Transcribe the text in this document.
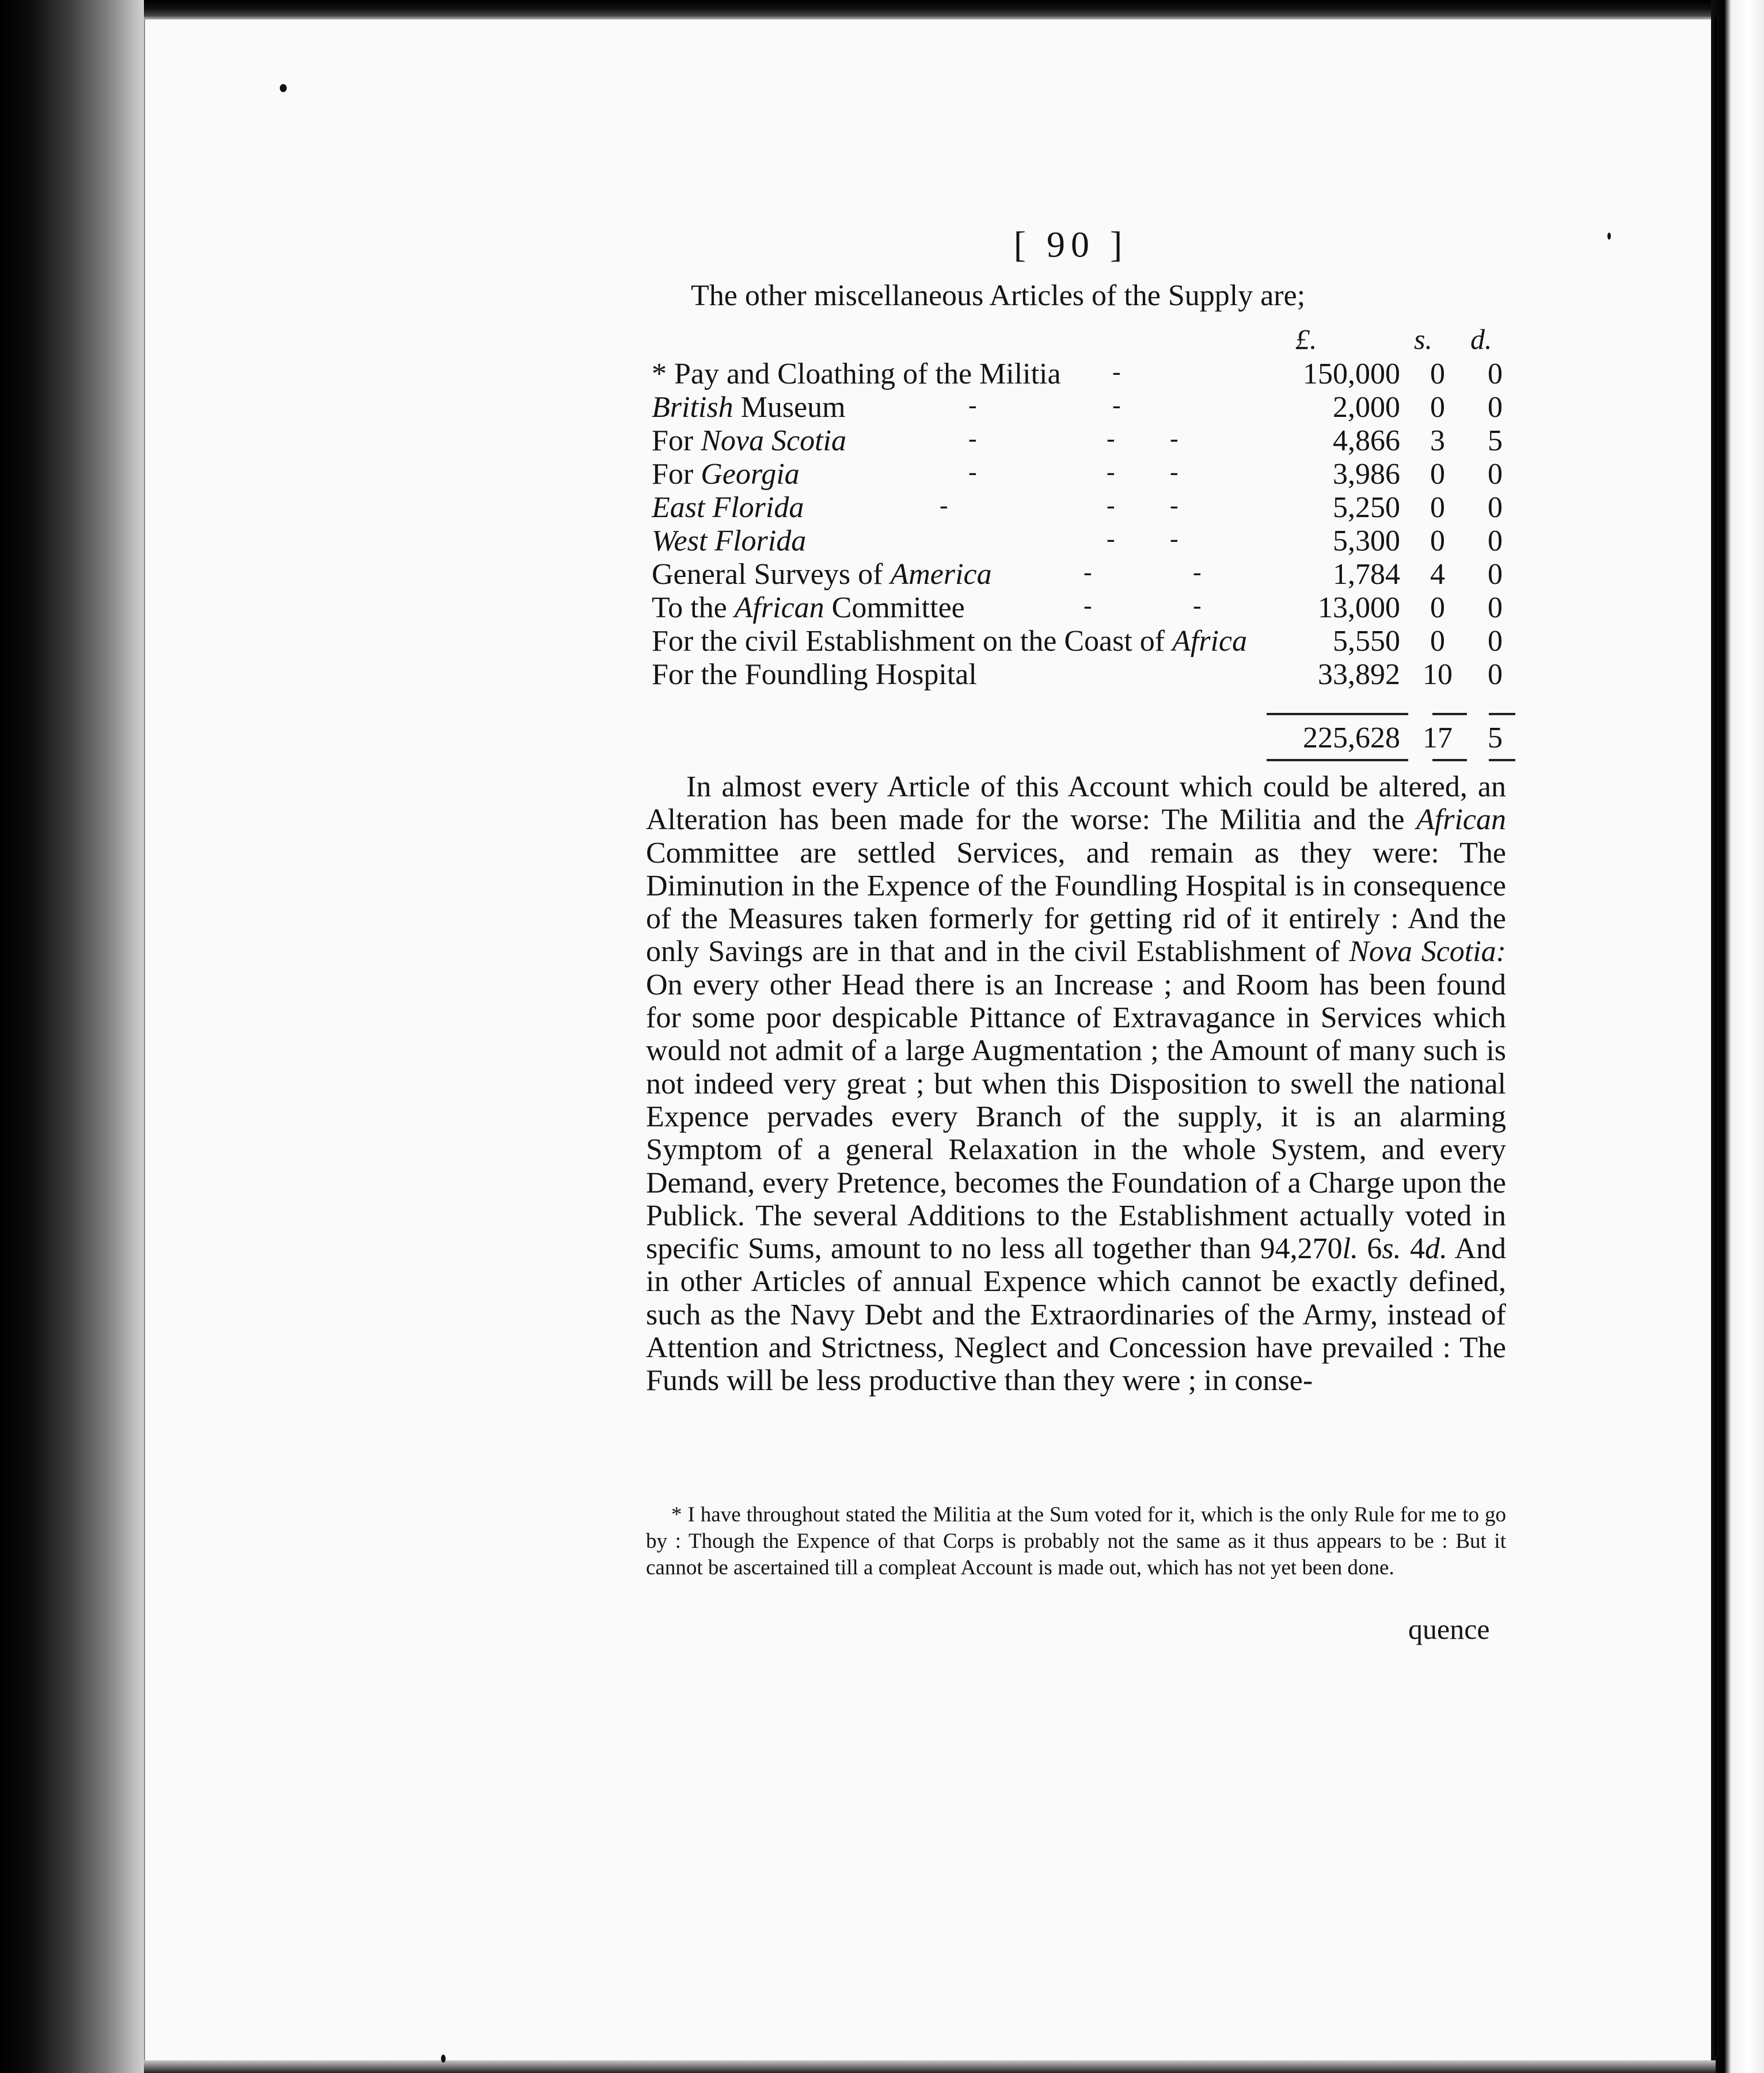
[ 90 ]
The other miscellaneous Articles of the Supply are;
£.	s. d.
* Pay and Cloathing of the Militia -	150,000	0	0
British Museum	-	-	2,000	0	0
For Nova Scotia	-	- -	4,866	3	5
For Georgia	-	- -	3,986	0	0
East Florida	-	- -	5,250	0	0
West Florida	- -	5,300	0	0
General Surveys of America	-	-	1,784	4	0
To the African Committee	-	-	13,000	0	0
For the civil Establishment on the Coast of Africa	5,550	0	0
For the Foundling Hospital	33,892 10	0
225,628 17	5

In almost every Article of this Account which could be altered, an Alteration has been made for the worse: The Militia and the African Committee are settled Services, and remain as they were: The Diminution in the Expence of the Foundling Hospital is in consequence of the Measures taken formerly for getting rid of it entirely : And the only Savings are in that and in the civil Establishment of Nova Scotia: On every other Head there is an Increase ; and Room has been found for some poor despicable Pittance of Extravagance in Services which would not admit of a large Augmentation ; the Amount of many such is not indeed very great ; but when this Disposition to swell the national Expence pervades every Branch of the supply, it is an alarming Symptom of a general Relaxation in the whole System, and every Demand, every Pretence, becomes the Foundation of a Charge upon the Publick. The several Additions to the Establishment actually voted in specific Sums, amount to no less all together than 94,270l. 6s. 4d. And in other Articles of annual Expence which cannot be exactly defined, such as the Navy Debt and the Extraordinaries of the Army, instead of Attention and Strictness, Neglect and Concession have prevailed : The Funds will be less productive than they were ; in conse-

* I have throughout stated the Militia at the Sum voted for it, which is the only Rule for me to go by : Though the Expence of that Corps is probably not the same as it thus appears to be : But it cannot be ascertained till a compleat Account is made out, which has not yet been done.

quence
